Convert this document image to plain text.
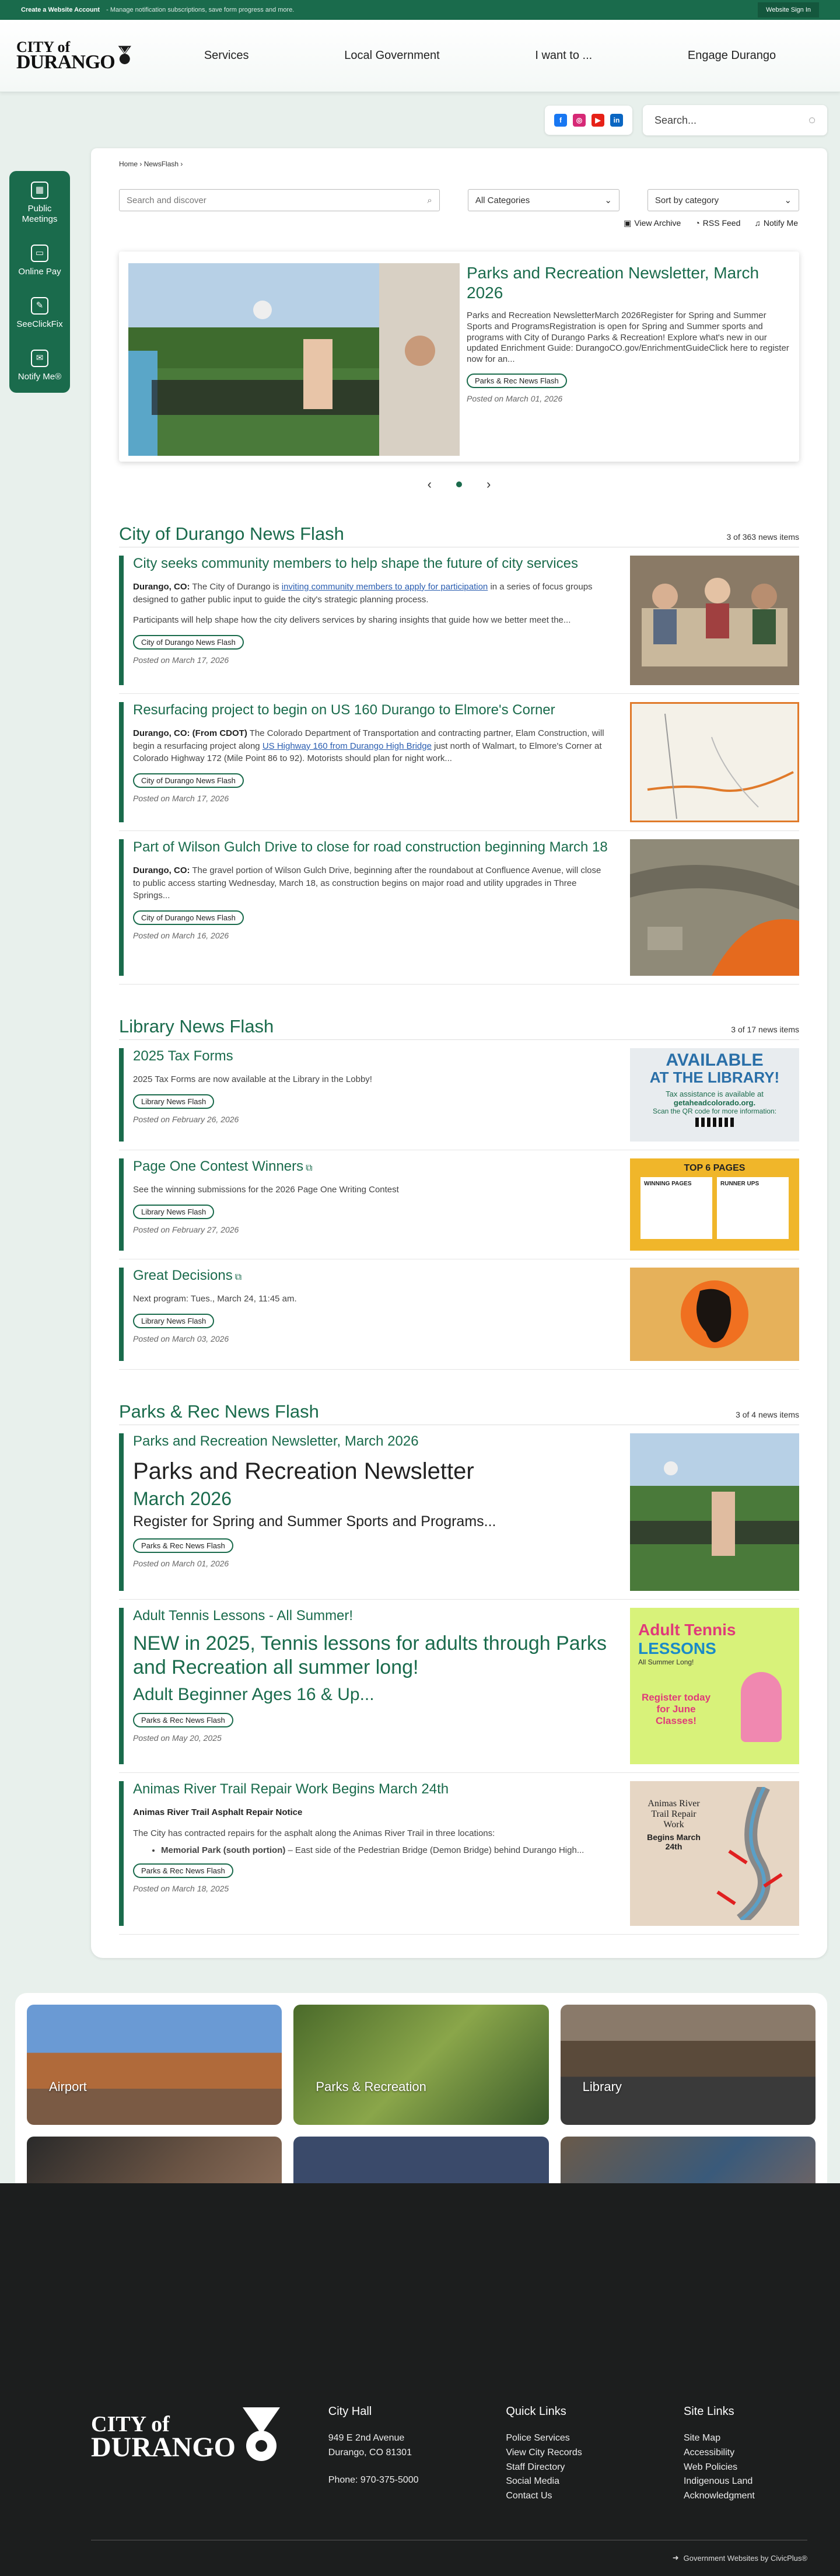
Create a Website Account - Manage notification subscriptions, save form progress and more.	Website Sign In
CITY of
DURANGO	Services	Local Government	I want to ...	Engage Durango
f	◎	▶	in	Search...	◌
▦
Public Meetings
▭
Online Pay
✎
SeeClickFix
✉
Notify Me®
Home › NewsFlash ›
Search and discover	⌕	All Categories	⌄	Sort by category	⌄
▣ View Archive ◔ RSS Feed ♫ Notify Me
Parks and Recreation Newsletter, March 2026

Parks and Recreation NewsletterMarch 2026Register for Spring and Summer Sports and ProgramsRegistration is open for Spring and Summer sports and programs with City of Durango Parks & Recreation! Explore what's new in our updated Enrichment Guide: DurangoCO.gov/EnrichmentGuideClick here to register now for an...

Parks & Rec News Flash
Posted on March 01, 2026
‹	›
City of Durango News Flash	3 of 363 news items
City seeks community members to help shape the future of city services
Durango, CO: The City of Durango is inviting community members to apply for participation in a series of focus groups designed to gather public input to guide the city's strategic planning process.
Participants will help shape how the city delivers services by sharing insights that guide how we better meet the...
City of Durango News Flash
Posted on March 17, 2026
Resurfacing project to begin on US 160 Durango to Elmore's Corner
Durango, CO: (From CDOT) The Colorado Department of Transportation and contracting partner, Elam Construction, will begin a resurfacing project along US Highway 160 from Durango High Bridge just north of Walmart, to Elmore's Corner at Colorado Highway 172 (Mile Point 86 to 92). Motorists should plan for night work...
City of Durango News Flash
Posted on March 17, 2026
Part of Wilson Gulch Drive to close for road construction beginning March 18
Durango, CO: The gravel portion of Wilson Gulch Drive, beginning after the roundabout at Confluence Avenue, will close to public access starting Wednesday, March 18, as construction begins on major road and utility upgrades in Three Springs...
City of Durango News Flash
Posted on March 16, 2026
Library News Flash	3 of 17 news items
2025 Tax Forms
2025 Tax Forms are now available at the Library in the Lobby!
Library News Flash
Posted on February 26, 2026
AVAILABLE
AT THE LIBRARY!
Tax assistance is available at
getaheadcolorado.org.
Scan the QR code for more information:
Page One Contest Winners ⧉
See the winning submissions for the 2026 Page One Writing Contest
Library News Flash
Posted on February 27, 2026
TOP 6 PAGES
WINNING PAGES	RUNNER UPS
Great Decisions ⧉
Next program: Tues., March 24, 11:45 am.
Library News Flash
Posted on March 03, 2026
Parks & Rec News Flash	3 of 4 news items
Parks and Recreation Newsletter, March 2026
Parks and Recreation Newsletter
March 2026
Register for Spring and Summer Sports and Programs...
Parks & Rec News Flash
Posted on March 01, 2026
Adult Tennis Lessons - All Summer!
NEW in 2025, Tennis lessons for adults through Parks and Recreation all summer long!
Adult Beginner Ages 16 & Up...
Parks & Rec News Flash
Posted on May 20, 2025
Adult Tennis
LESSONS
All Summer Long!
Register today for June Classes!
Animas River Trail Repair Work Begins March 24th
Animas River Trail Asphalt Repair Notice
The City has contracted repairs for the asphalt along the Animas River Trail in three locations:
• Memorial Park (south portion) – East side of the Pedestrian Bridge (Demon Bridge) behind Durango High...
Parks & Rec News Flash
Posted on March 18, 2025
Animas River Trail Repair Work
Begins March 24th
Airport	Parks & Recreation	Library
CITY of
DURANGO
City Hall

949 E 2nd Avenue

Durango, CO 81301

Phone: 970-375-5000

Quick Links
Police Services
View City Records
Staff Directory
Social Media
Contact Us
Site Links
Site Map
Accessibility
Web Policies
Indigenous Land Acknowledgment
➜ Government Websites by CivicPlus®
